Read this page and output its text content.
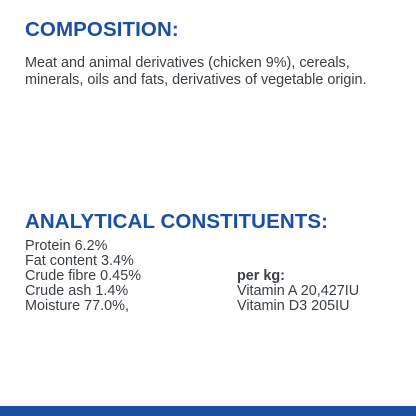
COMPOSITION:

Meat and animal derivatives (chicken 9%), cereals, minerals, oils and fats, derivatives of vegetable origin.

ANALYTICAL CONSTITUENTS:
Protein 6.2%
Fat content 3.4%
Crude fibre 0.45%
Crude ash 1.4%
Moisture 77.0%,

per kg:

Vitamin A 20,427IU
Vitamin D3 205IU
